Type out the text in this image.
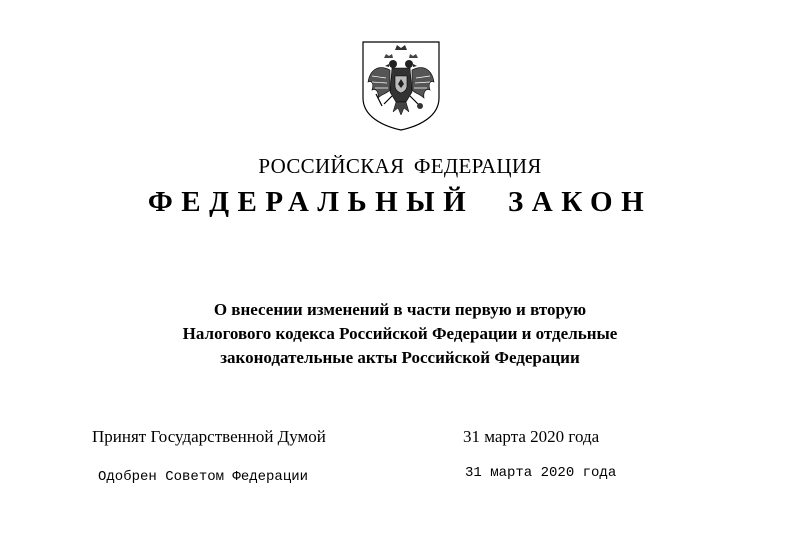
РОССИЙСКАЯ ФЕДЕРАЦИЯ
ФЕДЕРАЛЬНЫЙ ЗАКОН
О внесении изменений в части первую и вторую
Налогового кодекса Российской Федерации и отдельные
законодательные акты Российской Федерации
Принят Государственной Думой	31 марта 2020 года
Одобрен Советом Федерации	31 марта 2020 года
